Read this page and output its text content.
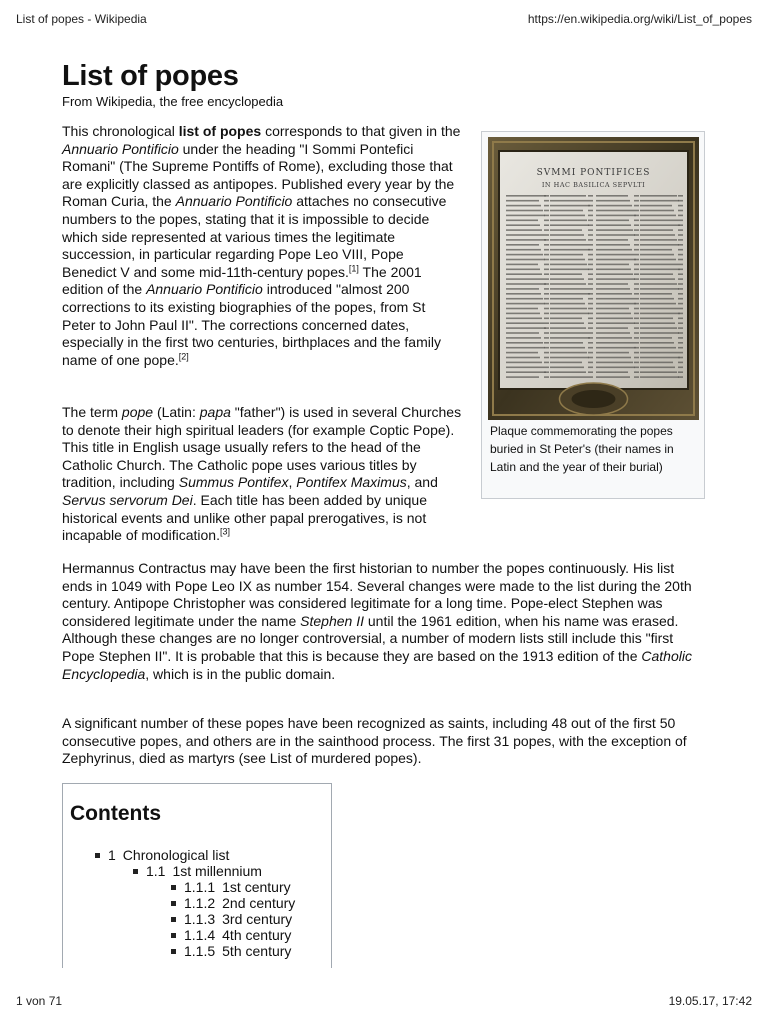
List of popes - Wikipedia	https://en.wikipedia.org/wiki/List_of_popes
List of popes
From Wikipedia, the free encyclopedia

This chronological list of popes corresponds to that given in the Annuario Pontificio under the heading "I Sommi Pontefici Romani" (The Supreme Pontiffs of Rome), excluding those that are explicitly classed as antipopes. Published every year by the Roman Curia, the Annuario Pontificio attaches no consecutive numbers to the popes, stating that it is impossible to decide which side represented at various times the legitimate succession, in particular regarding Pope Leo VIII, Pope Benedict V and some mid-11th-century popes.[1] The 2001 edition of the Annuario Pontificio introduced "almost 200 corrections to its existing biographies of the popes, from St Peter to John Paul II". The corrections concerned dates, especially in the first two centuries, birthplaces and the family name of one pope.[2]

The term pope (Latin: papa "father") is used in several Churches to denote their high spiritual leaders (for example Coptic Pope). This title in English usage usually refers to the head of the Catholic Church. The Catholic pope uses various titles by tradition, including Summus Pontifex, Pontifex Maximus, and Servus servorum Dei. Each title has been added by unique historical events and unlike other papal prerogatives, is not incapable of modification.[3]

SVMMI PONTIFICES
IN HAC BASILICA SEPVLTI
Plaque commemorating the popes buried in St Peter's (their names in Latin and the year of their burial)

Hermannus Contractus may have been the first historian to number the popes continuously. His list ends in 1049 with Pope Leo IX as number 154. Several changes were made to the list during the 20th century. Antipope Christopher was considered legitimate for a long time. Pope-elect Stephen was considered legitimate under the name Stephen II until the 1961 edition, when his name was erased. Although these changes are no longer controversial, a number of modern lists still include this "first Pope Stephen II". It is probable that this is because they are based on the 1913 edition of the Catholic Encyclopedia, which is in the public domain.

A significant number of these popes have been recognized as saints, including 48 out of the first 50 consecutive popes, and others are in the sainthood process. The first 31 popes, with the exception of Zephyrinus, died as martyrs (see List of murdered popes).

Contents
1 Chronological list
1.1 1st millennium
1.1.1 1st century
1.1.2 2nd century
1.1.3 3rd century
1.1.4 4th century
1.1.5 5th century
1 von 71	19.05.17, 17:42
